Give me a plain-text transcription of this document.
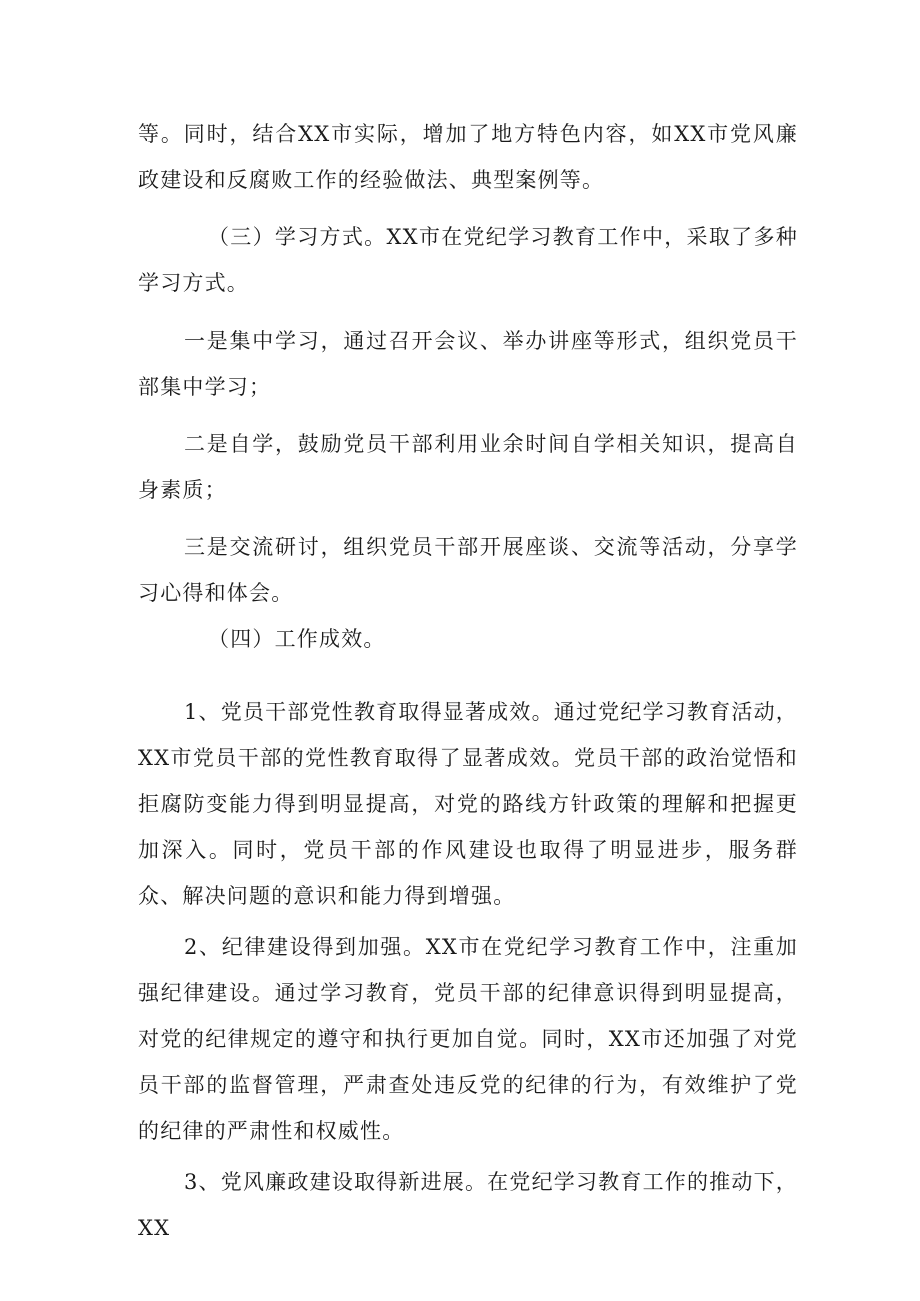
等。同时，结合XX市实际，增加了地方特色内容，如XX市党风廉政建设和反腐败工作的经验做法、典型案例等。

（三）学习方式。XX市在党纪学习教育工作中，采取了多种学习方式。

一是集中学习，通过召开会议、举办讲座等形式，组织党员干部集中学习；

二是自学，鼓励党员干部利用业余时间自学相关知识，提高自身素质；

三是交流研讨，组织党员干部开展座谈、交流等活动，分享学习心得和体会。

（四）工作成效。

1、党员干部党性教育取得显著成效。通过党纪学习教育活动，XX市党员干部的党性教育取得了显著成效。党员干部的政治觉悟和拒腐防变能力得到明显提高，对党的路线方针政策的理解和把握更加深入。同时，党员干部的作风建设也取得了明显进步，服务群众、解决问题的意识和能力得到增强。

2、纪律建设得到加强。XX市在党纪学习教育工作中，注重加强纪律建设。通过学习教育，党员干部的纪律意识得到明显提高，对党的纪律规定的遵守和执行更加自觉。同时，XX市还加强了对党员干部的监督管理，严肃查处违反党的纪律的行为，有效维护了党的纪律的严肃性和权威性。

3、党风廉政建设取得新进展。在党纪学习教育工作的推动下，XX
